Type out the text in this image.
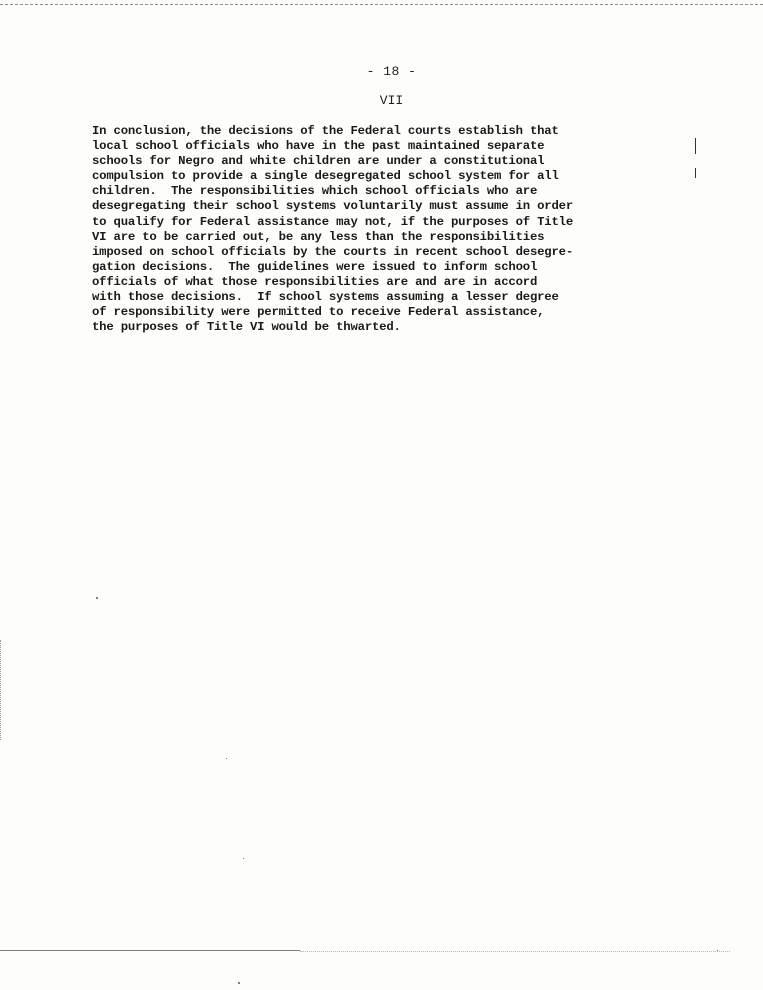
- 18 -
VII
In conclusion, the decisions of the Federal courts establish that
local school officials who have in the past maintained separate
schools for Negro and white children are under a constitutional
compulsion to provide a single desegregated school system for all
children.  The responsibilities which school officials who are
desegregating their school systems voluntarily must assume in order
to qualify for Federal assistance may not, if the purposes of Title
VI are to be carried out, be any less than the responsibilities
imposed on school officials by the courts in recent school desegre-
gation decisions.  The guidelines were issued to inform school
officials of what those responsibilities are and are in accord
with those decisions.  If school systems assuming a lesser degree
of responsibility were permitted to receive Federal assistance,
the purposes of Title VI would be thwarted.
